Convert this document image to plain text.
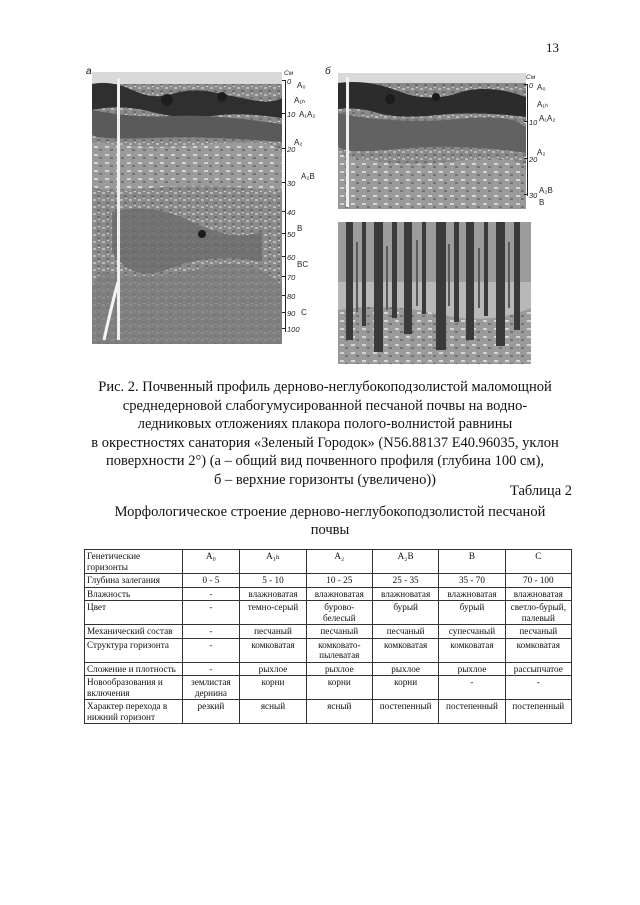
13
а	б
См
0
10
20
30
40
50
60
70
80
90
100
A₀
A₁ₕ
A₁A₂
A₂
A₂B
B
BC
C
См
0
10
20
30
A₀
A₁ₕ
A₁A₂
A₂
A₂B
B
Рис. 2. Почвенный профиль дерново-неглубокоподзолистой маломощной
среднедерновой слабогумусированной песчаной почвы на водно-
ледниковых отложениях плакора полого-волнистой равнины
в окрестностях санатория «Зеленый Городок» (N56.88137 E40.96035, уклон
поверхности 2°) (а – общий вид почвенного профиля (глубина 100 см),
б – верхние горизонты (увеличено))
Таблица 2
Морфологическое строение дерново-неглубокоподзолистой песчаной
почвы
Генетические горизонты	A₀	A₁ₕ	A₂	A₂B	B	C
Глубина залегания	0 - 5	5 - 10	10 - 25	25 - 35	35 - 70	70 - 100
Влажность	-	влажноватая	влажноватая	влажноватая	влажноватая	влажноватая
Цвет	-	темно-серый	бурово-белесый	бурый	бурый	светло-бурый, палевый
Механический состав	-	песчаный	песчаный	песчаный	супесчаный	песчаный
Структура горизонта	-	комковатая	комковато-пылеватая	комковатая	комковатая	комковатая
Сложение и плотность	-	рыхлое	рыхлое	рыхлое	рыхлое	рассыпчатое
Новообразования и включения	землистая дернина	корни	корни	корни	-	-
Характер перехода в нижний горизонт	резкий	ясный	ясный	постепенный	постепенный	постепенный
